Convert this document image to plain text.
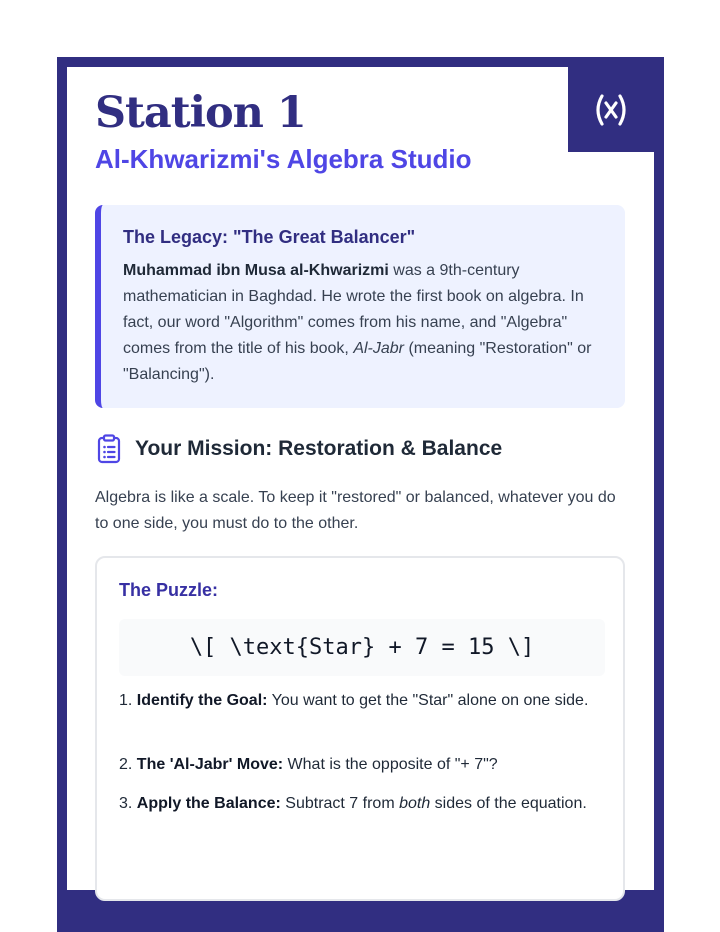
Station 1
Al-Khwarizmi's Algebra Studio
The Legacy: "The Great Balancer"

Muhammad ibn Musa al-Khwarizmi was a 9th-century mathematician in Baghdad. He wrote the first book on algebra. In fact, our word "Algorithm" comes from his name, and "Algebra" comes from the title of his book, Al-Jabr (meaning "Restoration" or "Balancing").

Your Mission: Restoration & Balance

Algebra is like a scale. To keep it "restored" or balanced, whatever you do to one side, you must do to the other.

The Puzzle:
\[ \text{Star} + 7 = 15 \]

1. Identify the Goal: You want to get the "Star" alone on one side.

2. The 'Al-Jabr' Move: What is the opposite of "+ 7"?

3. Apply the Balance: Subtract 7 from both sides of the equation.
